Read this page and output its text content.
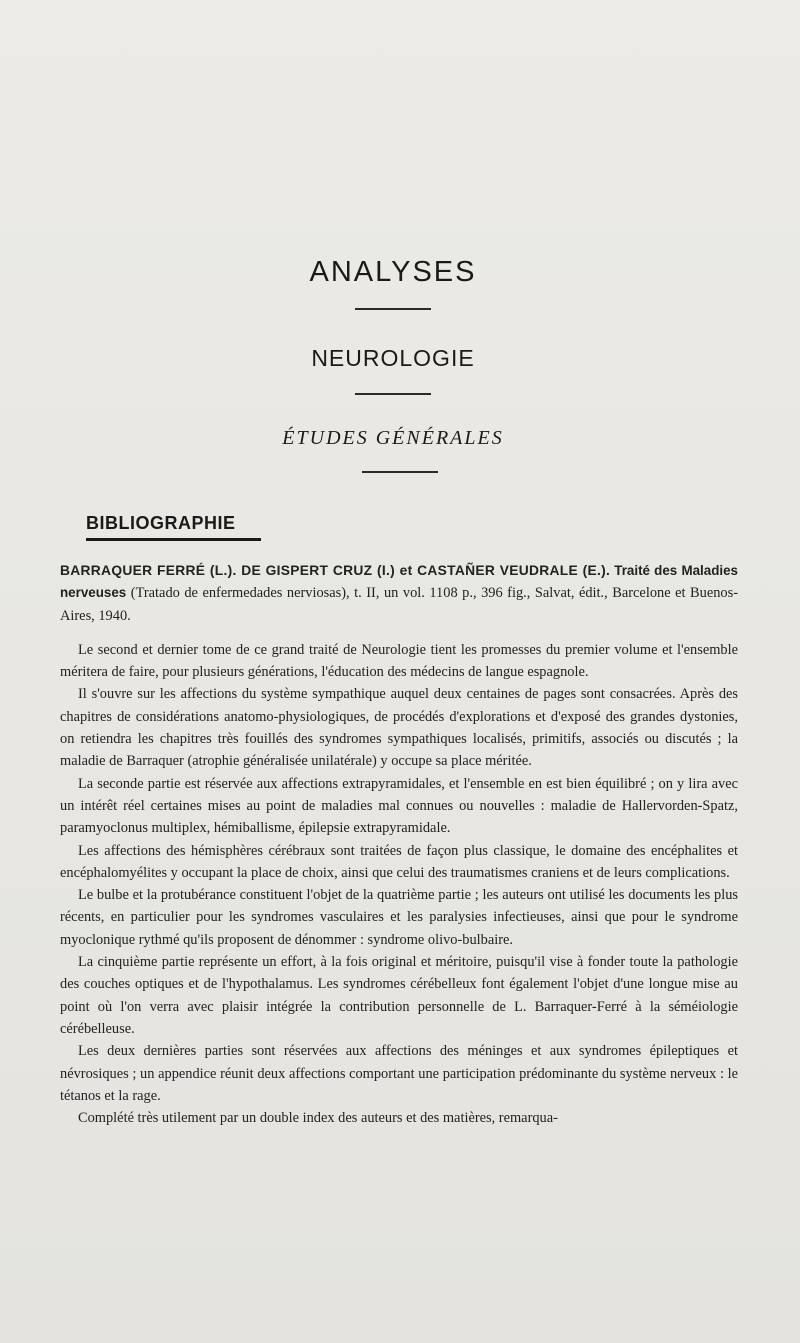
ANALYSES
NEUROLOGIE
ÉTUDES GÉNÉRALES
BIBLIOGRAPHIE

BARRAQUER FERRÉ (L.). DE GISPERT CRUZ (I.) et CASTAÑER VEUDRALE (E.). Traité des Maladies nerveuses (Tratado de enfermedades nerviosas), t. II, un vol. 1108 p., 396 fig., Salvat, édit., Barcelone et Buenos-Aires, 1940.

Le second et dernier tome de ce grand traité de Neurologie tient les promesses du premier volume et l'ensemble méritera de faire, pour plusieurs générations, l'éducation des médecins de langue espagnole.

Il s'ouvre sur les affections du système sympathique auquel deux centaines de pages sont consacrées. Après des chapitres de considérations anatomo-physiologiques, de procédés d'explorations et d'exposé des grandes dystonies, on retiendra les chapitres très fouillés des syndromes sympathiques localisés, primitifs, associés ou discutés ; la maladie de Barraquer (atrophie généralisée unilatérale) y occupe sa place méritée.

La seconde partie est réservée aux affections extrapyramidales, et l'ensemble en est bien équilibré ; on y lira avec un intérêt réel certaines mises au point de maladies mal connues ou nouvelles : maladie de Hallervorden-Spatz, paramyoclonus multiplex, hémiballisme, épilepsie extrapyramidale.

Les affections des hémisphères cérébraux sont traitées de façon plus classique, le domaine des encéphalites et encéphalomyélites y occupant la place de choix, ainsi que celui des traumatismes craniens et de leurs complications.

Le bulbe et la protubérance constituent l'objet de la quatrième partie ; les auteurs ont utilisé les documents les plus récents, en particulier pour les syndromes vasculaires et les paralysies infectieuses, ainsi que pour le syndrome myoclonique rythmé qu'ils proposent de dénommer : syndrome olivo-bulbaire.

La cinquième partie représente un effort, à la fois original et méritoire, puisqu'il vise à fonder toute la pathologie des couches optiques et de l'hypothalamus. Les syndromes cérébelleux font également l'objet d'une longue mise au point où l'on verra avec plaisir intégrée la contribution personnelle de L. Barraquer-Ferré à la séméiologie cérébelleuse.

Les deux dernières parties sont réservées aux affections des méninges et aux syndromes épileptiques et névrosiques ; un appendice réunit deux affections comportant une participation prédominante du système nerveux : le tétanos et la rage.

Complété très utilement par un double index des auteurs et des matières, remarqua-
